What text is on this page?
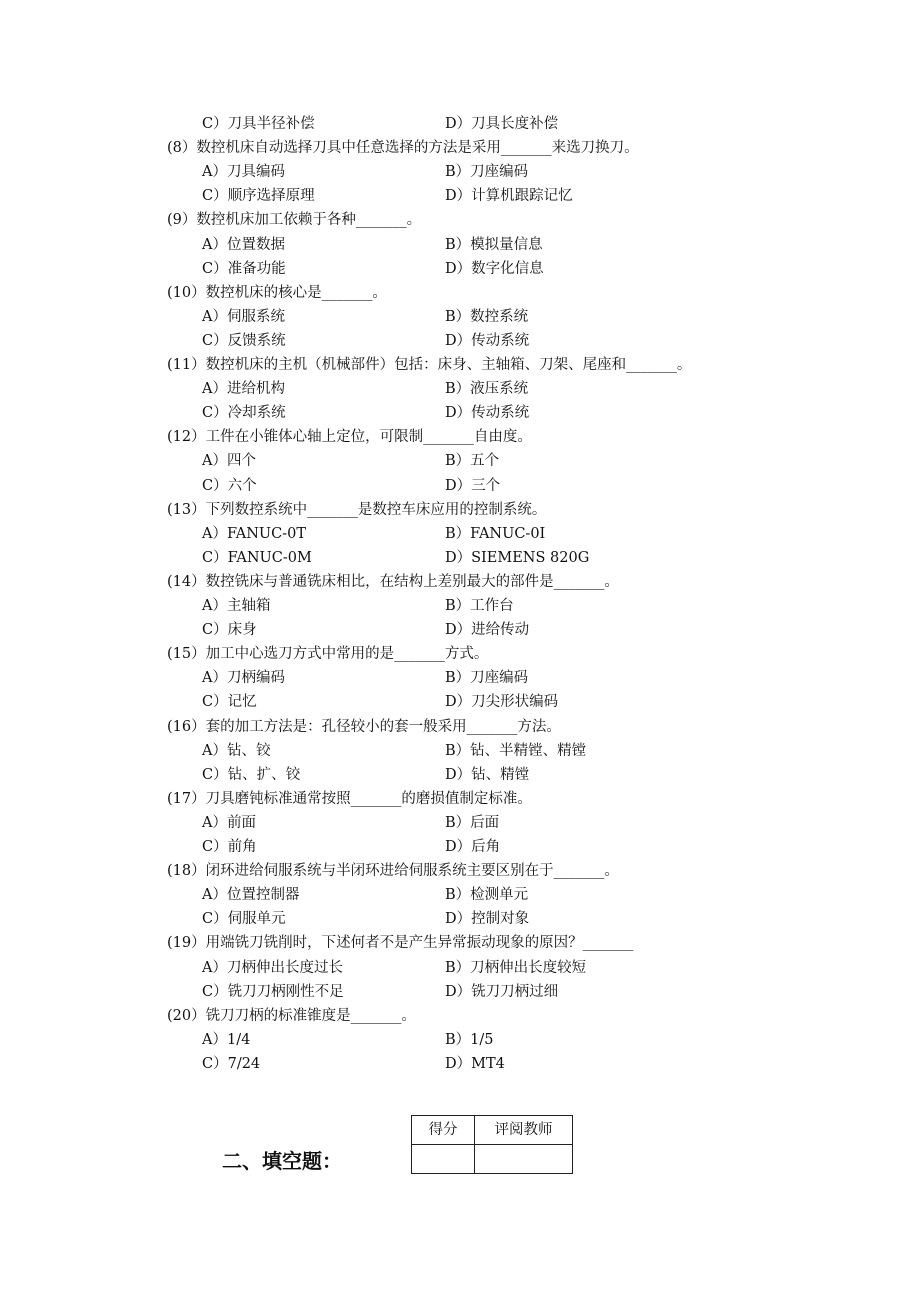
C）刀具半径补偿	D）刀具长度补偿
(8）数控机床自动选择刀具中任意选择的方法是采用_______来选刀换刀。
A）刀具编码	B）刀座编码
C）顺序选择原理	D）计算机跟踪记忆
(9）数控机床加工依赖于各种_______。
A）位置数据	B）模拟量信息
C）准备功能	D）数字化信息
(10）数控机床的核心是_______。
A）伺服系统	B）数控系统
C）反馈系统	D）传动系统
(11）数控机床的主机（机械部件）包括：床身、主轴箱、刀架、尾座和_______。
A）进给机构	B）液压系统
C）冷却系统	D）传动系统
(12）工件在小锥体心轴上定位，可限制_______自由度。
A）四个	B）五个
C）六个	D）三个
(13）下列数控系统中_______是数控车床应用的控制系统。
A）FANUC-0T	B）FANUC-0I
C）FANUC-0M	D）SIEMENS 820G
(14）数控铣床与普通铣床相比，在结构上差别最大的部件是_______。
A）主轴箱	B）工作台
C）床身	D）进给传动
(15）加工中心选刀方式中常用的是_______方式。
A）刀柄编码	B）刀座编码
C）记忆	D）刀尖形状编码
(16）套的加工方法是：孔径较小的套一般采用_______方法。
A）钻、铰	B）钻、半精镗、精镗
C）钻、扩、铰	D）钻、精镗
(17）刀具磨钝标准通常按照_______的磨损值制定标准。
A）前面	B）后面
C）前角	D）后角
(18）闭环进给伺服系统与半闭环进给伺服系统主要区别在于_______。
A）位置控制器	B）检测单元
C）伺服单元	D）控制对象
(19）用端铣刀铣削时，下述何者不是产生异常振动现象的原因？_______
A）刀柄伸出长度过长	B）刀柄伸出长度较短
C）铣刀刀柄刚性不足	D）铣刀刀柄过细
(20）铣刀刀柄的标准锥度是_______。
A）1/4	B）1/5
C）7/24	D）MT4
二、填空题：
得分	评阅教师
